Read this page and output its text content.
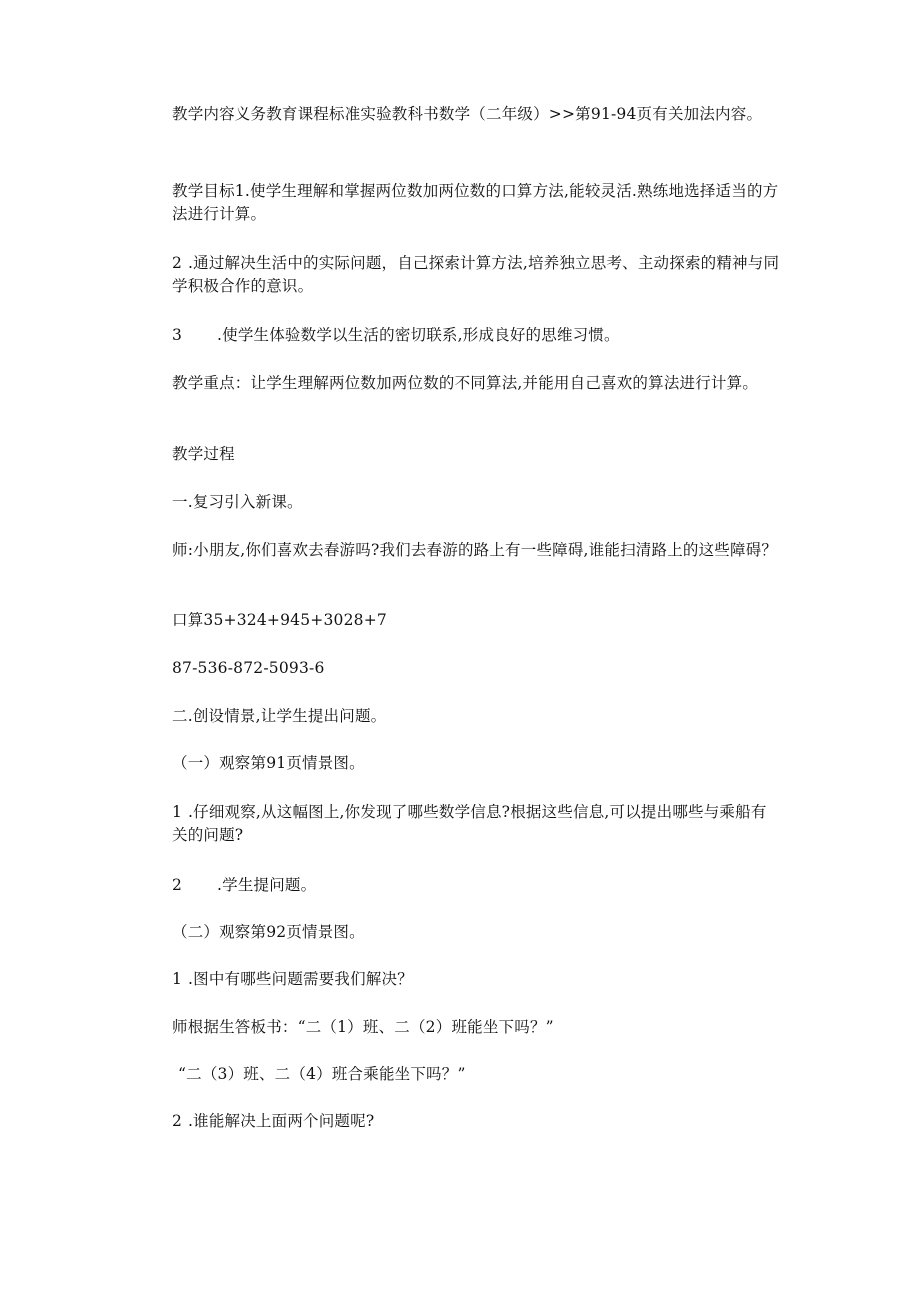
教学内容义务教育课程标准实验教科书数学（二年级）>>第91-94页有关加法内容。

教学目标1.使学生理解和掌握两位数加两位数的口算方法,能较灵活.熟练地选择适当的方法进行计算。

2 .通过解决生活中的实际问题，自己探索计算方法,培养独立思考、主动探索的精神与同学积极合作的意识。

3 .使学生体验数学以生活的密切联系,形成良好的思维习惯。

教学重点：让学生理解两位数加两位数的不同算法,并能用自己喜欢的算法进行计算。

教学过程

一.复习引入新课。

师:小朋友,你们喜欢去春游吗?我们去春游的路上有一些障碍,谁能扫清路上的这些障碍？

口算35+324+945+3028+7

87-536-872-5093-6

二.创设情景,让学生提出问题。

（一）观察第91页情景图。

1 .仔细观察,从这幅图上,你发现了哪些数学信息?根据这些信息,可以提出哪些与乘船有关的问题?

2 .学生提问题。

（二）观察第92页情景图。

1 .图中有哪些问题需要我们解决？

师根据生答板书：“二（1）班、二（2）班能坐下吗？”

“二（3）班、二（4）班合乘能坐下吗？”

2 .谁能解决上面两个问题呢?
